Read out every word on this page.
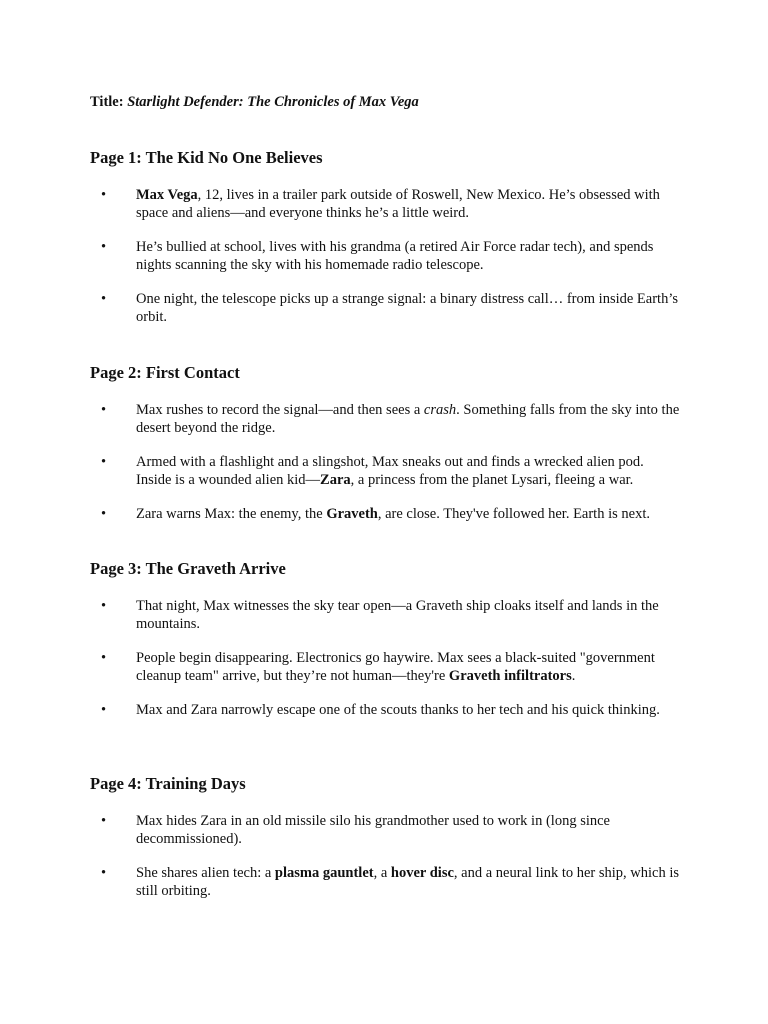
Title: Starlight Defender: The Chronicles of Max Vega
Page 1: The Kid No One Believes
• Max Vega, 12, lives in a trailer park outside of Roswell, New Mexico. He’s obsessed with space and aliens—and everyone thinks he’s a little weird.
• He’s bullied at school, lives with his grandma (a retired Air Force radar tech), and spends nights scanning the sky with his homemade radio telescope.
• One night, the telescope picks up a strange signal: a binary distress call… from inside Earth’s orbit.
Page 2: First Contact
• Max rushes to record the signal—and then sees a crash. Something falls from the sky into the desert beyond the ridge.
• Armed with a flashlight and a slingshot, Max sneaks out and finds a wrecked alien pod. Inside is a wounded alien kid—Zara, a princess from the planet Lysari, fleeing a war.
• Zara warns Max: the enemy, the Graveth, are close. They've followed her. Earth is next.
Page 3: The Graveth Arrive
• That night, Max witnesses the sky tear open—a Graveth ship cloaks itself and lands in the mountains.
• People begin disappearing. Electronics go haywire. Max sees a black-suited "government cleanup team" arrive, but they’re not human—they're Graveth infiltrators.
• Max and Zara narrowly escape one of the scouts thanks to her tech and his quick thinking.
Page 4: Training Days
• Max hides Zara in an old missile silo his grandmother used to work in (long since decommissioned).
• She shares alien tech: a plasma gauntlet, a hover disc, and a neural link to her ship, which is still orbiting.
